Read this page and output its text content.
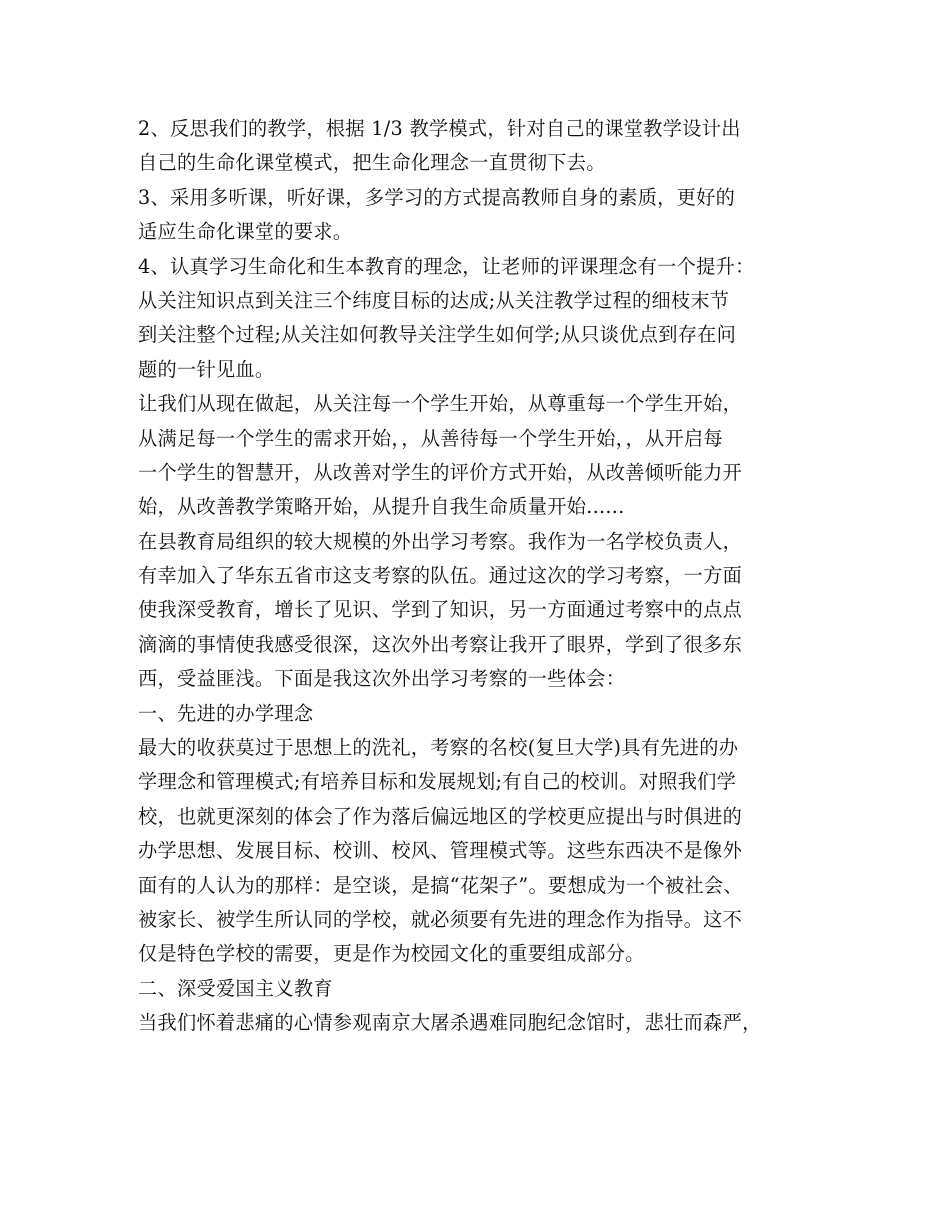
2、反思我们的教学，根据 1/3 教学模式，针对自己的课堂教学设计出
自己的生命化课堂模式，把生命化理念一直贯彻下去。

3、采用多听课，听好课，多学习的方式提高教师自身的素质，更好的
适应生命化课堂的要求。

4、认真学习生命化和生本教育的理念，让老师的评课理念有一个提升：
从关注知识点到关注三个纬度目标的达成;从关注教学过程的细枝末节
到关注整个过程;从关注如何教导关注学生如何学;从只谈优点到存在问
题的一针见血。

让我们从现在做起，从关注每一个学生开始，从尊重每一个学生开始，
从满足每一个学生的需求开始，，从善待每一个学生开始，，从开启每
一个学生的智慧开，从改善对学生的评价方式开始，从改善倾听能力开
始，从改善教学策略开始，从提升自我生命质量开始......

在县教育局组织的较大规模的外出学习考察。我作为一名学校负责人，
有幸加入了华东五省市这支考察的队伍。通过这次的学习考察，一方面
使我深受教育，增长了见识、学到了知识，另一方面通过考察中的点点
滴滴的事情使我感受很深，这次外出考察让我开了眼界，学到了很多东
西，受益匪浅。下面是我这次外出学习考察的一些体会：

一、先进的办学理念

最大的收获莫过于思想上的洗礼，考察的名校(复旦大学)具有先进的办
学理念和管理模式;有培养目标和发展规划;有自己的校训。对照我们学
校，也就更深刻的体会了作为落后偏远地区的学校更应提出与时俱进的
办学思想、发展目标、校训、校风、管理模式等。这些东西决不是像外
面有的人认为的那样：是空谈，是搞“花架子”。要想成为一个被社会、
被家长、被学生所认同的学校，就必须要有先进的理念作为指导。这不
仅是特色学校的需要，更是作为校园文化的重要组成部分。

二、深受爱国主义教育

当我们怀着悲痛的心情参观南京大屠杀遇难同胞纪念馆时，悲壮而森严，
